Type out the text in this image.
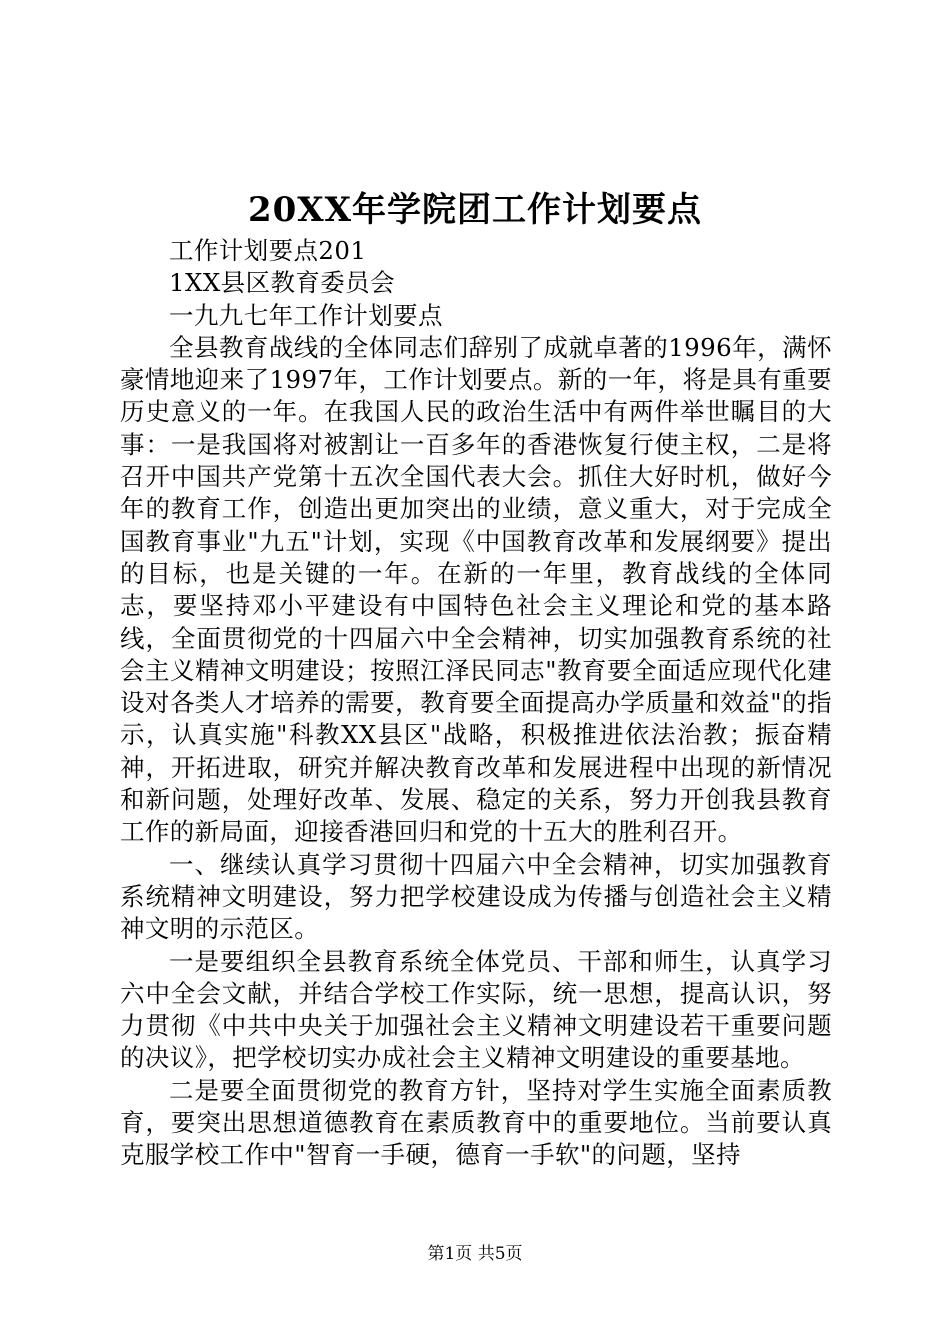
20XX年学院团工作计划要点

工作计划要点201

1XX县区教育委员会

一九九七年工作计划要点

全县教育战线的全体同志们辞别了成就卓著的1996年，满怀豪情地迎来了1997年，工作计划要点。新的一年，将是具有重要历史意义的一年。在我国人民的政治生活中有两件举世瞩目的大事：一是我国将对被割让一百多年的香港恢复行使主权，二是将召开中国共产党第十五次全国代表大会。抓住大好时机，做好今年的教育工作，创造出更加突出的业绩，意义重大，对于完成全国教育事业"九五"计划，实现《中国教育改革和发展纲要》提出的目标，也是关键的一年。在新的一年里，教育战线的全体同志，要坚持邓小平建设有中国特色社会主义理论和党的基本路线，全面贯彻党的十四届六中全会精神，切实加强教育系统的社会主义精神文明建设；按照江泽民同志"教育要全面适应现代化建设对各类人才培养的需要，教育要全面提高办学质量和效益"的指示，认真实施"科教XX县区"战略，积极推进依法治教；振奋精神，开拓进取，研究并解决教育改革和发展进程中出现的新情况和新问题，处理好改革、发展、稳定的关系，努力开创我县教育工作的新局面，迎接香港回归和党的十五大的胜利召开。

一、继续认真学习贯彻十四届六中全会精神，切实加强教育系统精神文明建设，努力把学校建设成为传播与创造社会主义精神文明的示范区。

一是要组织全县教育系统全体党员、干部和师生，认真学习六中全会文献，并结合学校工作实际，统一思想，提高认识，努力贯彻《中共中央关于加强社会主义精神文明建设若干重要问题的决议》，把学校切实办成社会主义精神文明建设的重要基地。

二是要全面贯彻党的教育方针，坚持对学生实施全面素质教育，要突出思想道德教育在素质教育中的重要地位。当前要认真克服学校工作中"智育一手硬，德育一手软"的问题，坚持

第1页 共5页
